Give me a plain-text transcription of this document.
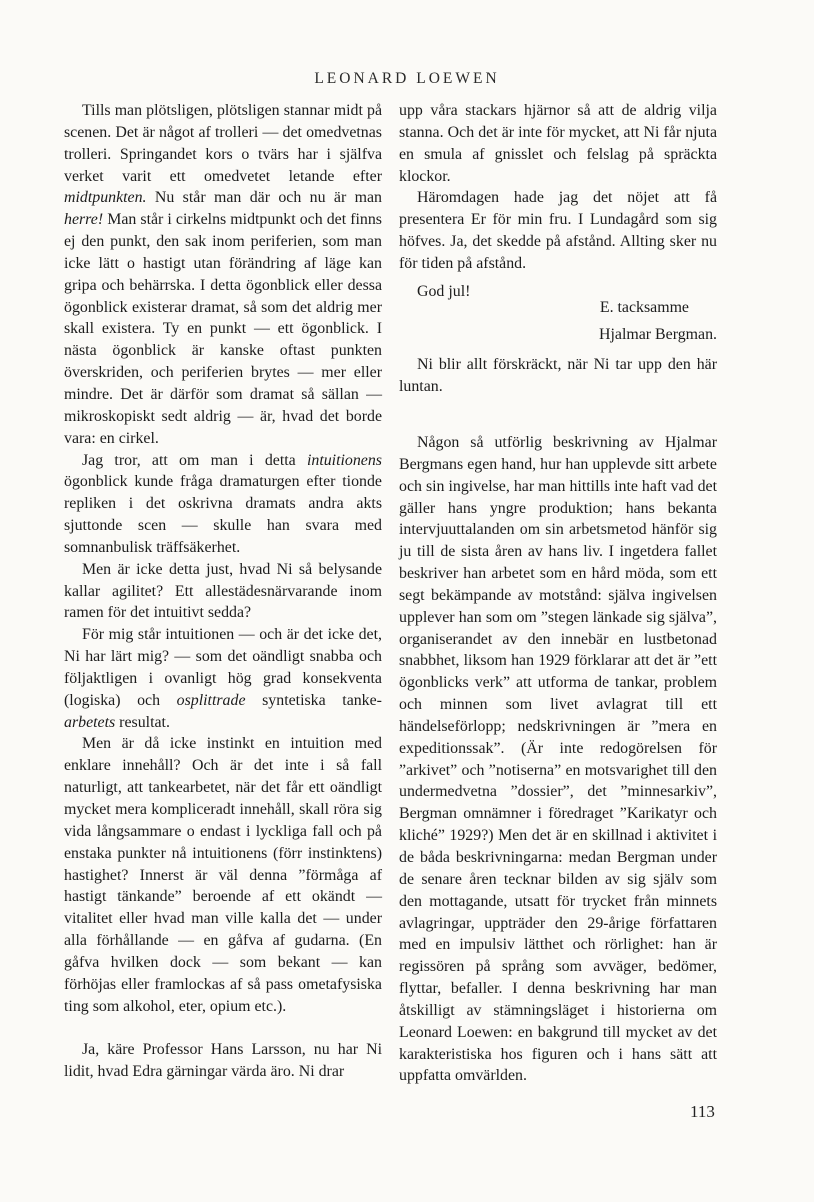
LEONARD LOEWEN

Tills man plötsligen, plötsligen stannar midt på scenen. Det är något af trolleri — det omedvetnas trolleri. Springandet kors o tvärs har i själfva verket varit ett omedvetet letande efter midtpunkten. Nu står man där och nu är man herre! Man står i cirkelns midtpunkt och det finns ej den punkt, den sak inom periferien, som man icke lätt o hastigt utan förändring af läge kan gripa och behärrska. I detta ögonblick eller dessa ögonblick existerar dramat, så som det aldrig mer skall existera. Ty en punkt — ett ögonblick. I nästa ögonblick är kanske oftast punkten överskriden, och periferien brytes — mer eller mindre. Det är därför som dramat så sällan — mikroskopiskt sedt aldrig — är, hvad det borde vara: en cirkel.

Jag tror, att om man i detta intuitionens ögonblick kunde fråga dramaturgen efter tionde repliken i det oskrivna dramats andra akts sjuttonde scen — skulle han svara med somnanbulisk träffsäkerhet.

Men är icke detta just, hvad Ni så belysande kallar agilitet? Ett allestädesnärvarande inom ramen för det intuitivt sedda?

För mig står intuitionen — och är det icke det, Ni har lärt mig? — som det oändligt snabba och följaktligen i ovanligt hög grad konsekventa (logiska) och osplittrade syntetiska tanke-arbetets resultat.

Men är då icke instinkt en intuition med enklare innehåll? Och är det inte i så fall naturligt, att tankearbetet, när det får ett oändligt mycket mera kompliceradt innehåll, skall röra sig vida långsammare o endast i lyckliga fall och på enstaka punkter nå intuitionens (förr instinktens) hastighet? Innerst är väl denna ”förmåga af hastigt tänkande” beroende af ett okändt — vitalitet eller hvad man ville kalla det — under alla förhållande — en gåfva af gudarna. (En gåfva hvilken dock — som bekant — kan förhöjas eller framlockas af så pass ometafysiska ting som alkohol, eter, opium etc.).

Ja, käre Professor Hans Larsson, nu har Ni lidit, hvad Edra gärningar värda äro. Ni drar

upp våra stackars hjärnor så att de aldrig vilja stanna. Och det är inte för mycket, att Ni får njuta en smula af gnisslet och felslag på spräckta klockor.

Häromdagen hade jag det nöjet att få presentera Er för min fru. I Lundagård som sig höfves. Ja, det skedde på afstånd. Allting sker nu för tiden på afstånd.

God jul!

E. tacksamme

Hjalmar Bergman.

Ni blir allt förskräckt, när Ni tar upp den här luntan.

Någon så utförlig beskrivning av Hjalmar Bergmans egen hand, hur han upplevde sitt arbete och sin ingivelse, har man hittills inte haft vad det gäller hans yngre produktion; hans bekanta intervjuuttalanden om sin arbetsmetod hänför sig ju till de sista åren av hans liv. I ingetdera fallet beskriver han arbetet som en hård möda, som ett segt bekämpande av motstånd: själva ingivelsen upplever han som om ”stegen länkade sig själva”, organiserandet av den innebär en lustbetonad snabbhet, liksom han 1929 förklarar att det är ”ett ögonblicks verk” att utforma de tankar, problem och minnen som livet avlagrat till ett händelseförlopp; nedskrivningen är ”mera en expeditionssak”. (Är inte redogörelsen för ”arkivet” och ”notiserna” en motsvarighet till den undermedvetna ”dossier”, det ”minnesarkiv”, Bergman omnämner i föredraget ”Karikatyr och kliché” 1929?) Men det är en skillnad i aktivitet i de båda beskrivningarna: medan Bergman under de senare åren tecknar bilden av sig själv som den mottagande, utsatt för trycket från minnets avlagringar, uppträder den 29-årige författaren med en impulsiv lätthet och rörlighet: han är regissören på språng som avväger, bedömer, flyttar, befaller. I denna beskrivning har man åtskilligt av stämningsläget i historierna om Leonard Loewen: en bakgrund till mycket av det karakteristiska hos figuren och i hans sätt att uppfatta omvärlden.

113
